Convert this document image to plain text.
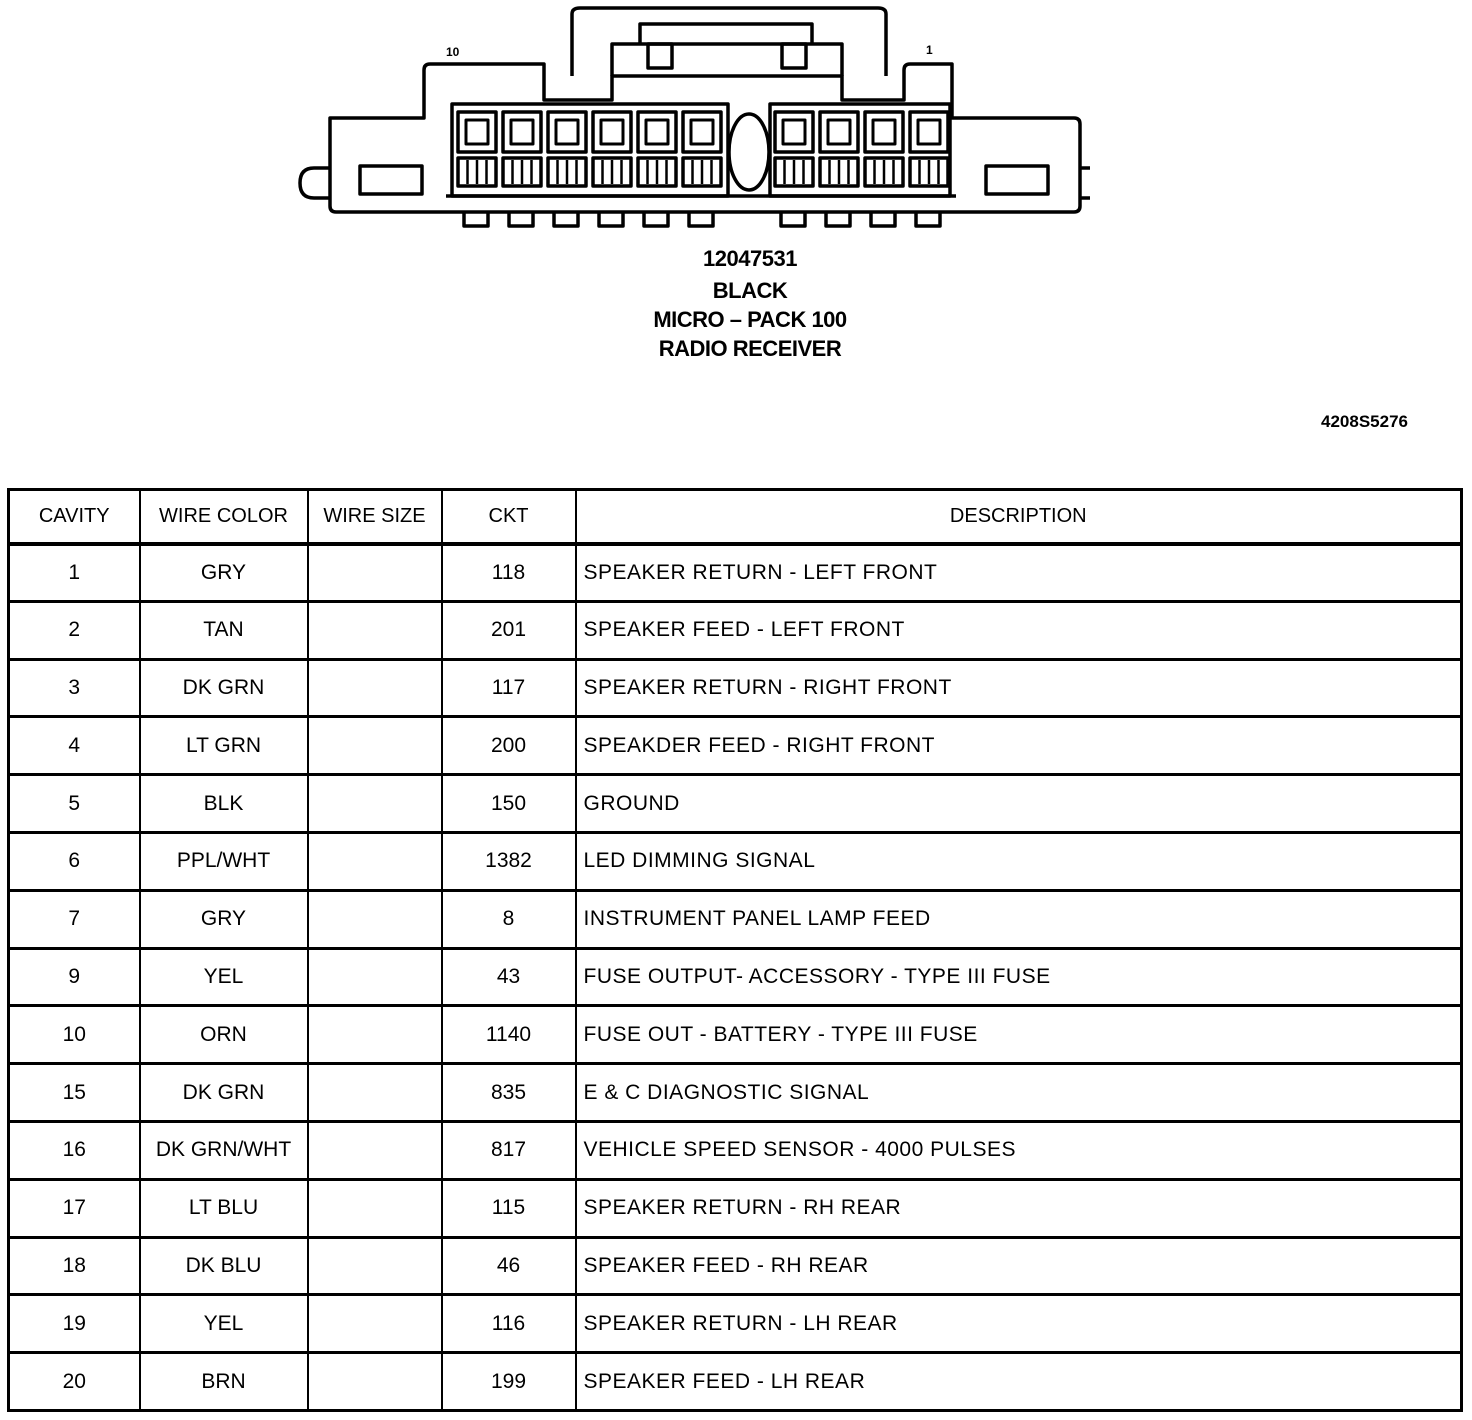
10	1
12047531
BLACK
MICRO – PACK 100
RADIO RECEIVER
4208S5276
CAVITY	WIRE COLOR	WIRE SIZE	CKT	DESCRIPTION
1	GRY		118	SPEAKER RETURN - LEFT FRONT
2	TAN		201	SPEAKER FEED - LEFT FRONT
3	DK GRN		117	SPEAKER RETURN - RIGHT FRONT
4	LT GRN		200	SPEAKDER FEED - RIGHT FRONT
5	BLK		150	GROUND
6	PPL/WHT		1382	LED DIMMING SIGNAL
7	GRY		8	INSTRUMENT PANEL LAMP FEED
9	YEL		43	FUSE OUTPUT- ACCESSORY - TYPE III FUSE
10	ORN		1140	FUSE OUT - BATTERY - TYPE III FUSE
15	DK GRN		835	E & C DIAGNOSTIC SIGNAL
16	DK GRN/WHT		817	VEHICLE SPEED SENSOR - 4000 PULSES
17	LT BLU		115	SPEAKER RETURN - RH REAR
18	DK BLU		46	SPEAKER FEED - RH REAR
19	YEL		116	SPEAKER RETURN - LH REAR
20	BRN		199	SPEAKER FEED - LH REAR
